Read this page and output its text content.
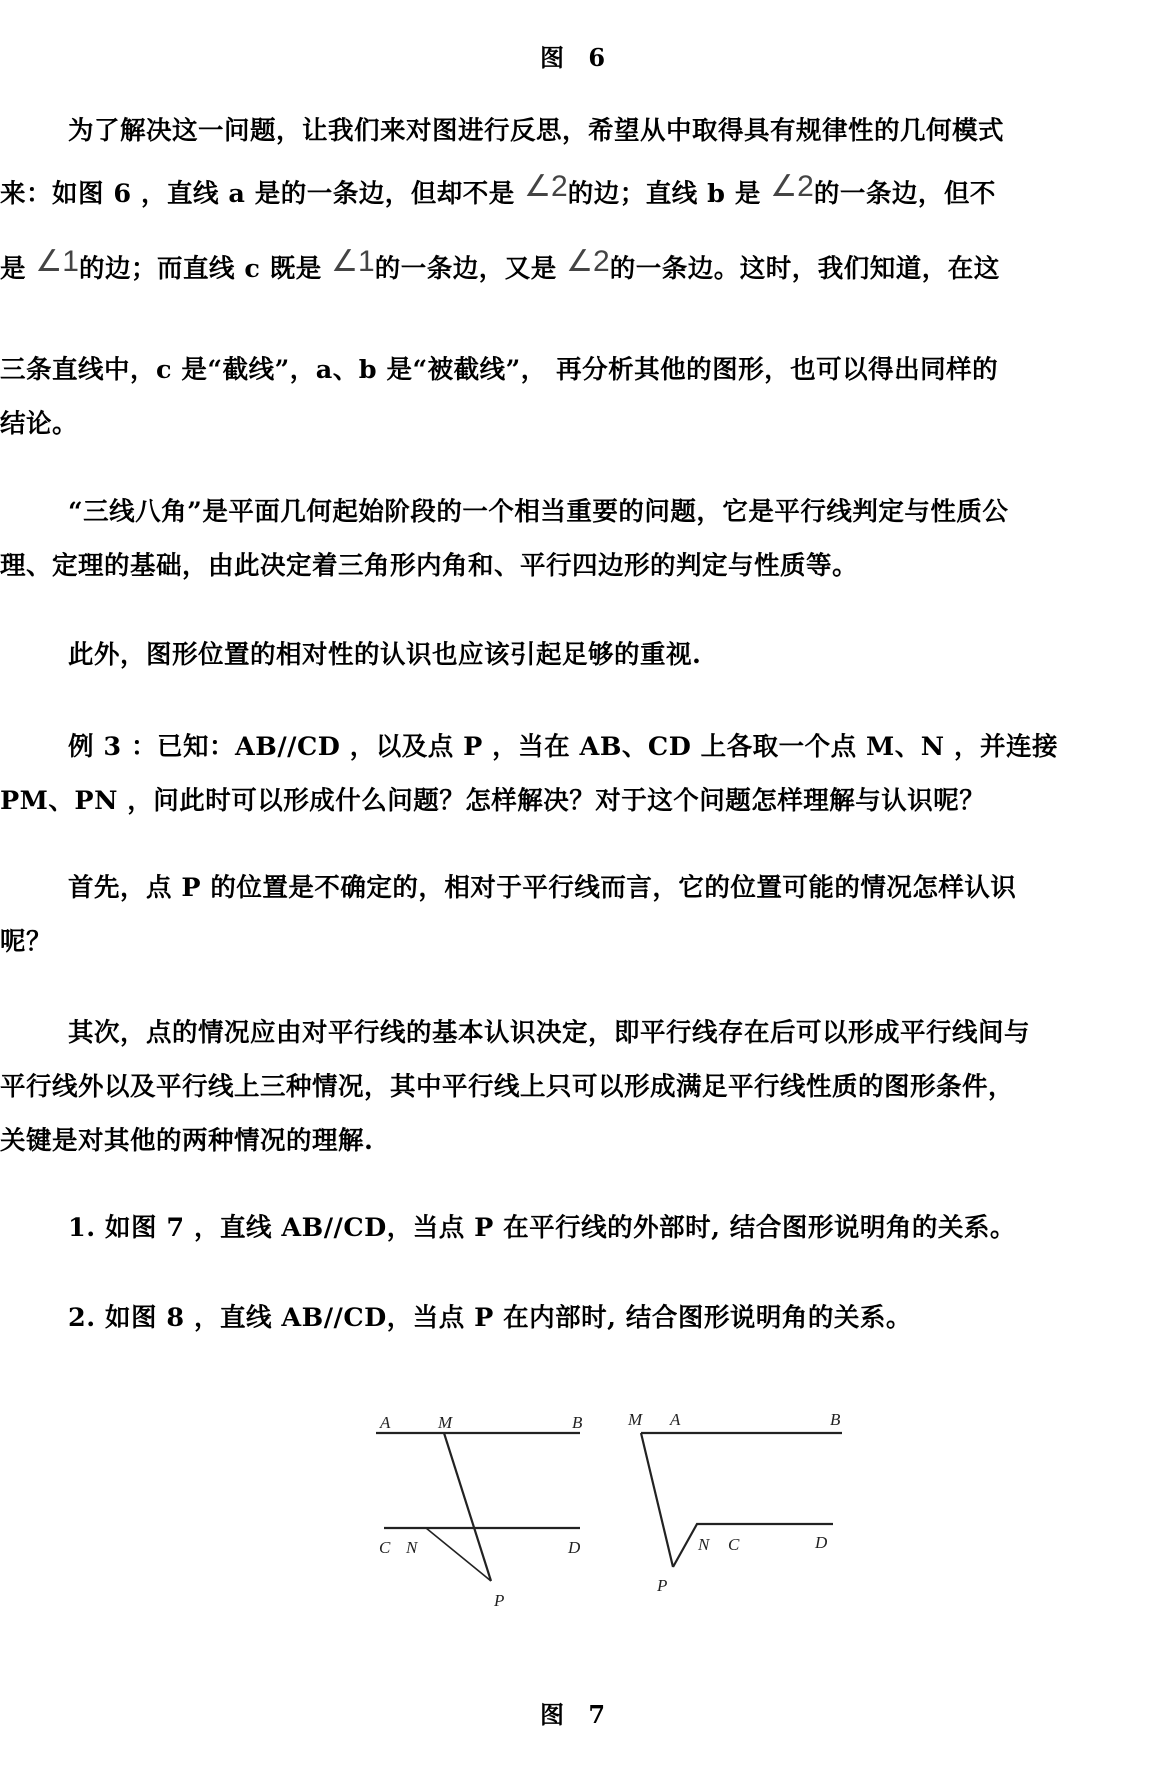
图 6
为了解决这一问题，让我们来对图进行反思，希望从中取得具有规律性的几何模式
来：如图 6 ，直线 a 是的一条边，但却不是 ∠2的边；直线 b 是 ∠2的一条边，但不
是 ∠1的边；而直线 c 既是 ∠1的一条边，又是 ∠2的一条边。这时，我们知道，在这
三条直线中，c 是“截线”，a、b 是“被截线”， 再分析其他的图形，也可以得出同样的
结论。
“三线八角”是平面几何起始阶段的一个相当重要的问题，它是平行线判定与性质公
理、定理的基础，由此决定着三角形内角和、平行四边形的判定与性质等。
此外，图形位置的相对性的认识也应该引起足够的重视.
例 3 ：已知：AB//CD ，以及点 P ，当在 AB、CD 上各取一个点 M、N ，并连接
PM、PN ，问此时可以形成什么问题？怎样解决？对于这个问题怎样理解与认识呢？
首先，点 P 的位置是不确定的，相对于平行线而言，它的位置可能的情况怎样认识
呢？
其次，点的情况应由对平行线的基本认识决定，即平行线存在后可以形成平行线间与
平行线外以及平行线上三种情况，其中平行线上只可以形成满足平行线性质的图形条件，
关键是对其他的两种情况的理解.
1. 如图 7 ，直线 AB//CD，当点 P 在平行线的外部时, 结合图形说明角的关系。
2. 如图 8 ，直线 AB//CD，当点 P 在内部时, 结合图形说明角的关系。
A	M	B
C N	D
P
M A	B
N C	D
P
图 7
